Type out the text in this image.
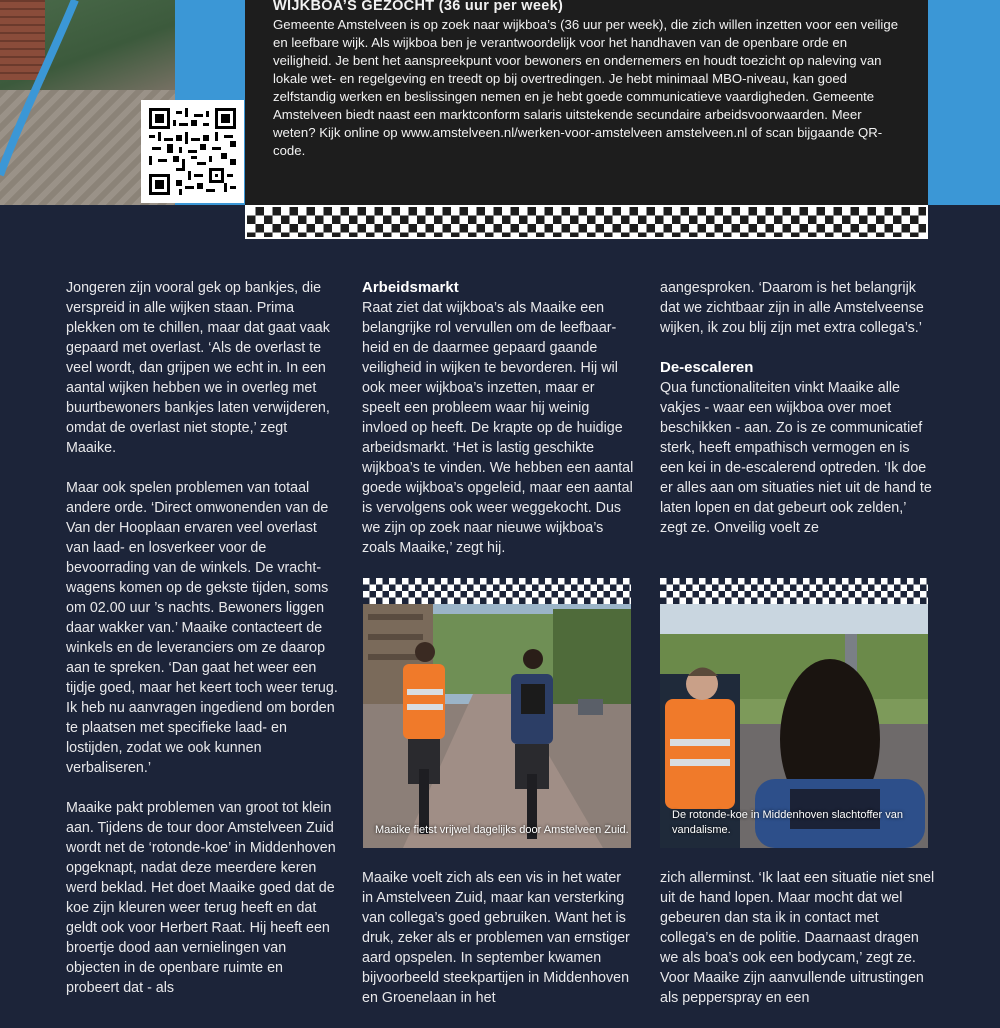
WIJKBOA’S GEZOCHT (36 uur per week)
Gemeente Amstelveen is op zoek naar wijkboa’s (36 uur per week), die zich willen inzetten voor een veilige en leefbare wijk. Als wijkboa ben je verantwoordelijk voor het handhaven van de openbare orde en veiligheid. Je bent het aanspreekpunt voor bewoners en ondernemers en houdt toezicht op naleving van lokale wet- en regelgeving en treedt op bij overtredingen. Je hebt minimaal MBO-niveau, kan goed zelfstandig werken en beslissingen nemen en je hebt goede communicatieve vaardigheden. Gemeente Amstelveen biedt naast een marktconform salaris uitstekende secundaire arbeidsvoorwaarden. Meer weten? Kijk online op www.amstelveen.nl/werken-voor-amstelveen amstelveen.nl of scan bijgaande QR-code.

Jongeren zijn vooral gek op bankjes, die verspreid in alle wijken staan. Prima plekken om te chillen, maar dat gaat vaak gepaard met overlast. ‘Als de overlast te veel wordt, dan grijpen we echt in. In een aantal wijken hebben we in overleg met buurtbewoners bankjes laten verwijderen, omdat de overlast niet stopte,’ zegt Maaike.

Maar ook spelen problemen van totaal andere orde. ‘Direct omwonenden van de Van der Hooplaan ervaren veel overlast van laad- en losverkeer voor de bevoorrading van de winkels. De vrachtwagens komen op de gekste tijden, soms om 02.00 uur ’s nachts. Bewoners liggen daar wakker van.’ Maaike contacteert de winkels en de leveranciers om ze daarop aan te spreken. ‘Dan gaat het weer een tijdje goed, maar het keert toch weer terug. Ik heb nu aanvragen ingediend om borden te plaatsen met specifieke laad- en lostijden, zodat we ook kunnen verbaliseren.’

Maaike pakt problemen van groot tot klein aan. Tijdens de tour door Amstelveen Zuid wordt net de ‘rotonde-koe’ in Middenhoven opgeknapt, nadat deze meerdere keren werd beklad. Het doet Maaike goed dat de koe zijn kleuren weer terug heeft en dat geldt ook voor Herbert Raat. Hij heeft een broertje dood aan vernielingen van objecten in de openbare ruimte en probeert dat - als

Arbeidsmarkt

Raat ziet dat wijkboa’s als Maaike een belangrijke rol vervullen om de leefbaarheid en de daarmee gepaard gaande veiligheid in wijken te bevorderen. Hij wil ook meer wijkboa’s inzetten, maar er speelt een probleem waar hij weinig invloed op heeft. De krapte op de huidige arbeidsmarkt. ‘Het is lastig geschikte wijkboa’s te vinden. We hebben een aantal goede wijkboa’s opgeleid, maar een aantal is vervolgens ook weer weggekocht. Dus we zijn op zoek naar nieuwe wijkboa’s zoals Maaike,’ zegt hij.

aangesproken. ‘Daarom is het belangrijk dat we zichtbaar zijn in alle Amstelveense wijken, ik zou blij zijn met extra collega’s.’

De-escaleren

Qua functionaliteiten vinkt Maaike alle vakjes - waar een wijkboa over moet beschikken - aan. Zo is ze communicatief sterk, heeft empathisch vermogen en is een kei in de-escalerend optreden. ‘Ik doe er alles aan om situaties niet uit de hand te laten lopen en dat gebeurt ook zelden,’ zegt ze. Onveilig voelt ze

Maaike fietst vrijwel dagelijks door Amstelveen Zuid.
De rotonde-koe in Middenhoven slachtoffer van vandalisme.

Maaike voelt zich als een vis in het water in Amstelveen Zuid, maar kan versterking van collega’s goed gebruiken. Want het is druk, zeker als er problemen van ernstiger aard opspelen. In september kwamen bijvoorbeeld steekpartijen in Middenhoven en Groenelaan in het

zich allerminst. ‘Ik laat een situatie niet snel uit de hand lopen. Maar mocht dat wel gebeuren dan sta ik in contact met collega’s en de politie. Daarnaast dragen we als boa’s ook een bodycam,’ zegt ze. Voor Maaike zijn aanvullende uitrustingen als pepperspray en een
